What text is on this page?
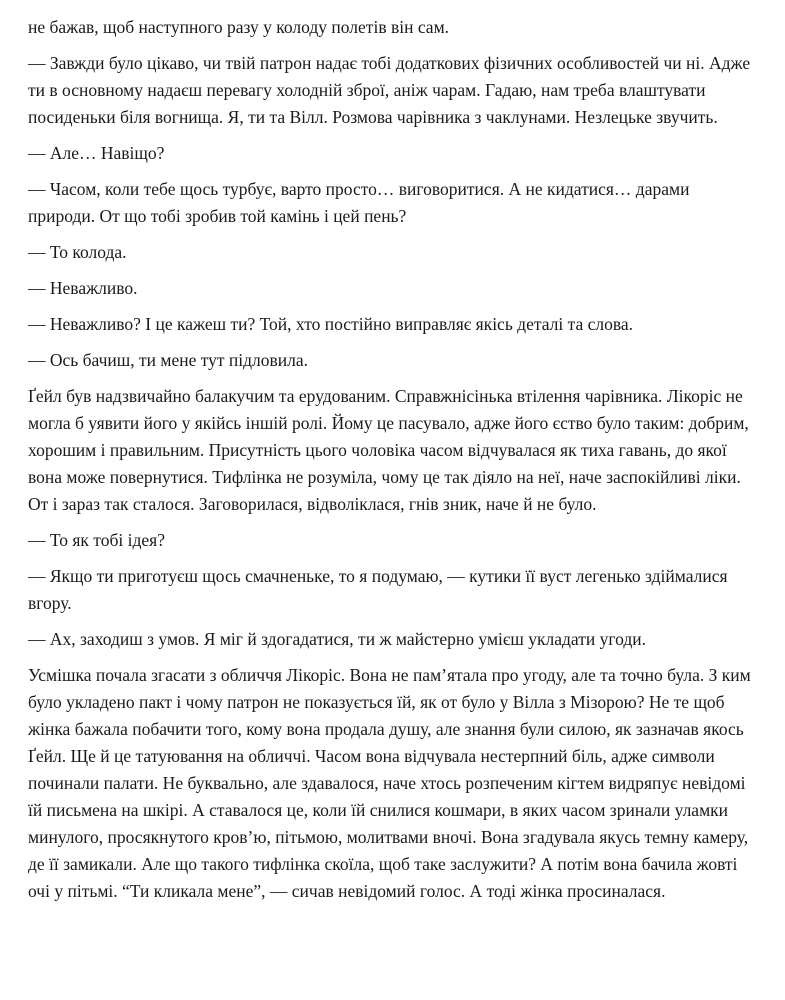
не бажав, щоб наступного разу у колоду полетів він сам.

— Завжди було цікаво, чи твій патрон надає тобі додаткових фізичних особливостей чи ні. Адже ти в основному надаєш перевагу холодній зброї, аніж чарам. Гадаю, нам треба влаштувати посиденьки біля вогнища. Я, ти та Вілл. Розмова чарівника з чаклунами. Незлецьке звучить.

— Але… Навіщо?

— Часом, коли тебе щось турбує, варто просто… виговоритися. А не кидатися… дарами природи. От що тобі зробив той камінь і цей пень?

— То колода.

— Неважливо.

— Неважливо? І це кажеш ти? Той, хто постійно виправляє якісь деталі та слова.

— Ось бачиш, ти мене тут підловила.

Ґейл був надзвичайно балакучим та ерудованим. Справжнісінька втілення чарівника. Лікоріс не могла б уявити його у якійсь іншій ролі. Йому це пасувало, адже його єство було таким: добрим, хорошим і правильним. Присутність цього чоловіка часом відчувалася як тиха гавань, до якої вона може повернутися. Тифлінка не розуміла, чому це так діяло на неї, наче заспокійливі ліки. От і зараз так сталося. Заговорилася, відволіклася, гнів зник, наче й не було.

— То як тобі ідея?

— Якщо ти приготуєш щось смачненьке, то я подумаю, — кутики її вуст легенько здіймалися вгору.

— Ах, заходиш з умов. Я міг й здогадатися, ти ж майстерно умієш укладати угоди.

Усмішка почала згасати з обличчя Лікоріс. Вона не пам’ятала про угоду, але та точно була. З ким було укладено пакт і чому патрон не показується їй, як от було у Вілла з Мізорою? Не те щоб жінка бажала побачити того, кому вона продала душу, але знання були силою, як зазначав якось Ґейл. Ще й це татуювання на обличчі. Часом вона відчувала нестерпний біль, адже символи починали палати. Не буквально, але здавалося, наче хтось розпеченим кігтем видряпує невідомі їй письмена на шкірі. А ставалося це, коли їй снилися кошмари, в яких часом зринали уламки минулого, просякнутого кров’ю, пітьмою, молитвами вночі. Вона згадувала якусь темну камеру, де її замикали. Але що такого тифлінка скоїла, щоб таке заслужити? А потім вона бачила жовті очі у пітьмі. “Ти кликала мене”, — сичав невідомий голос. А тоді жінка просиналася.
